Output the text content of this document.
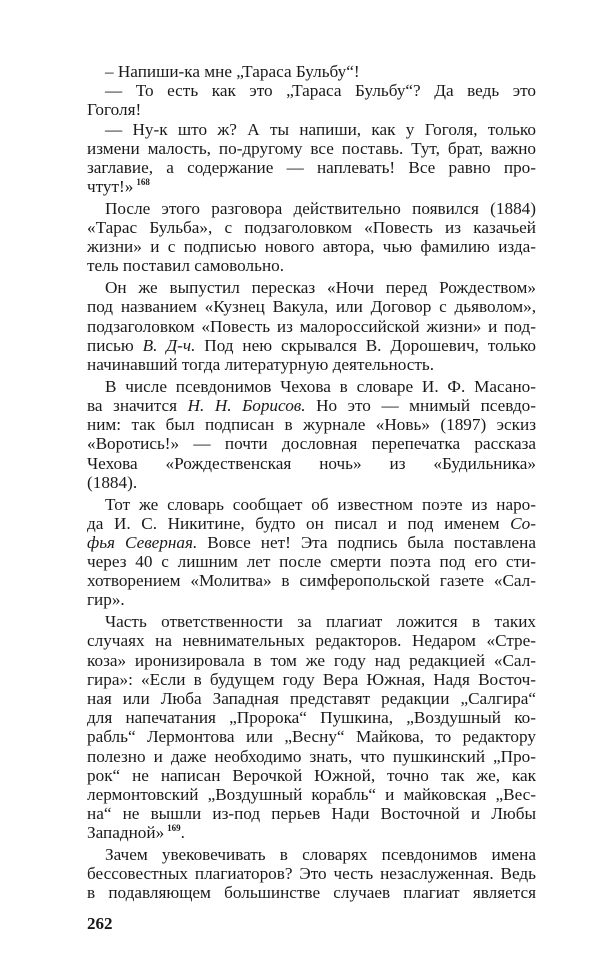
– Напиши-ка мне „Тараса Бульбу“!
— То есть как это „Тараса Бульбу“? Да ведь это
Гоголя!
— Ну-к што ж? А ты напиши, как у Гоголя, только
измени малость, по-другому все поставь. Тут, брат, важно
заглавие, а содержание — наплевать! Все равно про-
чтут!» $^{168}$
После этого разговора действительно появился (1884)
«Тарас Бульба», с подзаголовком «Повесть из казачьей
жизни» и с подписью нового автора, чью фамилию изда-
тель поставил самовольно.
Он же выпустил пересказ «Ночи перед Рождеством»
под названием «Кузнец Вакула, или Договор с дьяволом»,
подзаголовком «Повесть из малороссийской жизни» и под-
писью В. Д-ч. Под нею скрывался В. Дорошевич, только
начинавший тогда литературную деятельность.
В числе псевдонимов Чехова в словаре И. Ф. Масано-
ва значится Н. Н. Борисов. Но это — мнимый псевдо-
ним: так был подписан в журнале «Новь» (1897) эскиз
«Воротись!» — почти дословная перепечатка рассказа
Чехова «Рождественская ночь» из «Будильника»
(1884).
Тот же словарь сообщает об известном поэте из наро-
да И. С. Никитине, будто он писал и под именем Со-
фья Северная. Вовсе нет! Эта подпись была поставлена
через 40 с лишним лет после смерти поэта под его сти-
хотворением «Молитва» в симферопольской газете «Сал-
гир».
Часть ответственности за плагиат ложится в таких
случаях на невнимательных редакторов. Недаром «Стре-
коза» иронизировала в том же году над редакцией «Сал-
гира»: «Если в будущем году Вера Южная, Надя Восточ-
ная или Люба Западная представят редакции „Салгира“
для напечатания „Пророка“ Пушкина, „Воздушный ко-
рабль“ Лермонтова или „Весну“ Майкова, то редактору
полезно и даже необходимо знать, что пушкинский „Про-
рок“ не написан Верочкой Южной, точно так же, как
лермонтовский „Воздушный корабль“ и майковская „Вес-
на“ не вышли из-под перьев Нади Восточной и Любы
Западной» $^{169}$.
Зачем увековечивать в словарях псевдонимов имена
бессовестных плагиаторов? Это честь незаслуженная. Ведь
в подавляющем большинстве случаев плагиат является
262
